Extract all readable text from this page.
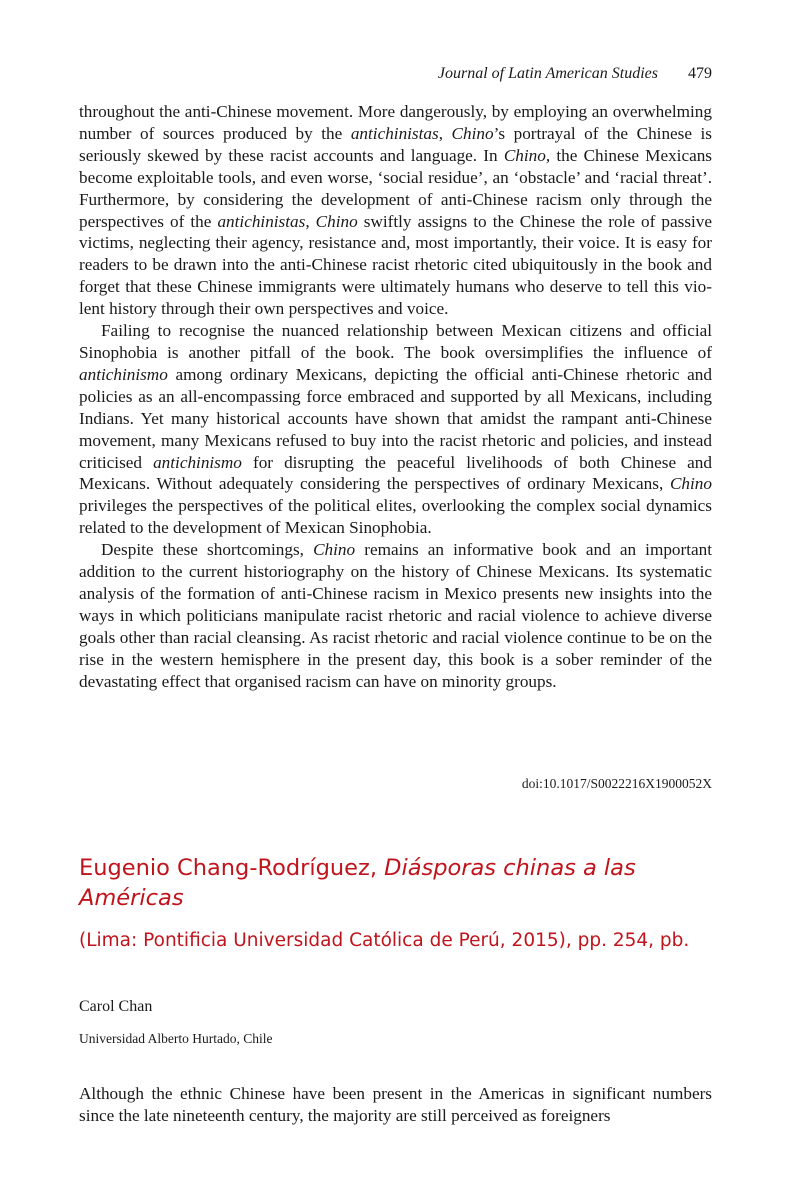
Journal of Latin American Studies 479

throughout the anti-Chinese movement. More dangerously, by employing an overwhelming number of sources produced by the antichinistas, Chino’s portrayal of the Chinese is seriously skewed by these racist accounts and language. In Chino, the Chinese Mexicans become exploitable tools, and even worse, ‘social residue’, an ‘obstacle’ and ‘racial threat’. Furthermore, by considering the development of anti-Chinese racism only through the perspectives of the antichinistas, Chino swiftly assigns to the Chinese the role of passive victims, neglecting their agency, resistance and, most importantly, their voice. It is easy for readers to be drawn into the anti-Chinese racist rhetoric cited ubiquitously in the book and forget that these Chinese immigrants were ultimately humans who deserve to tell this violent history through their own perspectives and voice.

Failing to recognise the nuanced relationship between Mexican citizens and official Sinophobia is another pitfall of the book. The book oversimplifies the influence of antichinismo among ordinary Mexicans, depicting the official anti-Chinese rhetoric and policies as an all-encompassing force embraced and supported by all Mexicans, including Indians. Yet many historical accounts have shown that amidst the rampant anti-Chinese movement, many Mexicans refused to buy into the racist rhetoric and policies, and instead criticised antichinismo for disrupting the peaceful livelihoods of both Chinese and Mexicans. Without adequately considering the perspectives of ordinary Mexicans, Chino privileges the perspectives of the political elites, overlooking the complex social dynamics related to the development of Mexican Sinophobia.

Despite these shortcomings, Chino remains an informative book and an important addition to the current historiography on the history of Chinese Mexicans. Its systematic analysis of the formation of anti-Chinese racism in Mexico presents new insights into the ways in which politicians manipulate racist rhetoric and racial violence to achieve diverse goals other than racial cleansing. As racist rhetoric and racial violence continue to be on the rise in the western hemisphere in the present day, this book is a sober reminder of the devastating effect that organised racism can have on minority groups.

doi:10.1017/S0022216X1900052X
Eugenio Chang-Rodríguez, Diásporas chinas a las Américas
(Lima: Pontificia Universidad Católica de Perú, 2015), pp. 254, pb.
Carol Chan
Universidad Alberto Hurtado, Chile

Although the ethnic Chinese have been present in the Americas in significant numbers since the late nineteenth century, the majority are still perceived as foreigners
